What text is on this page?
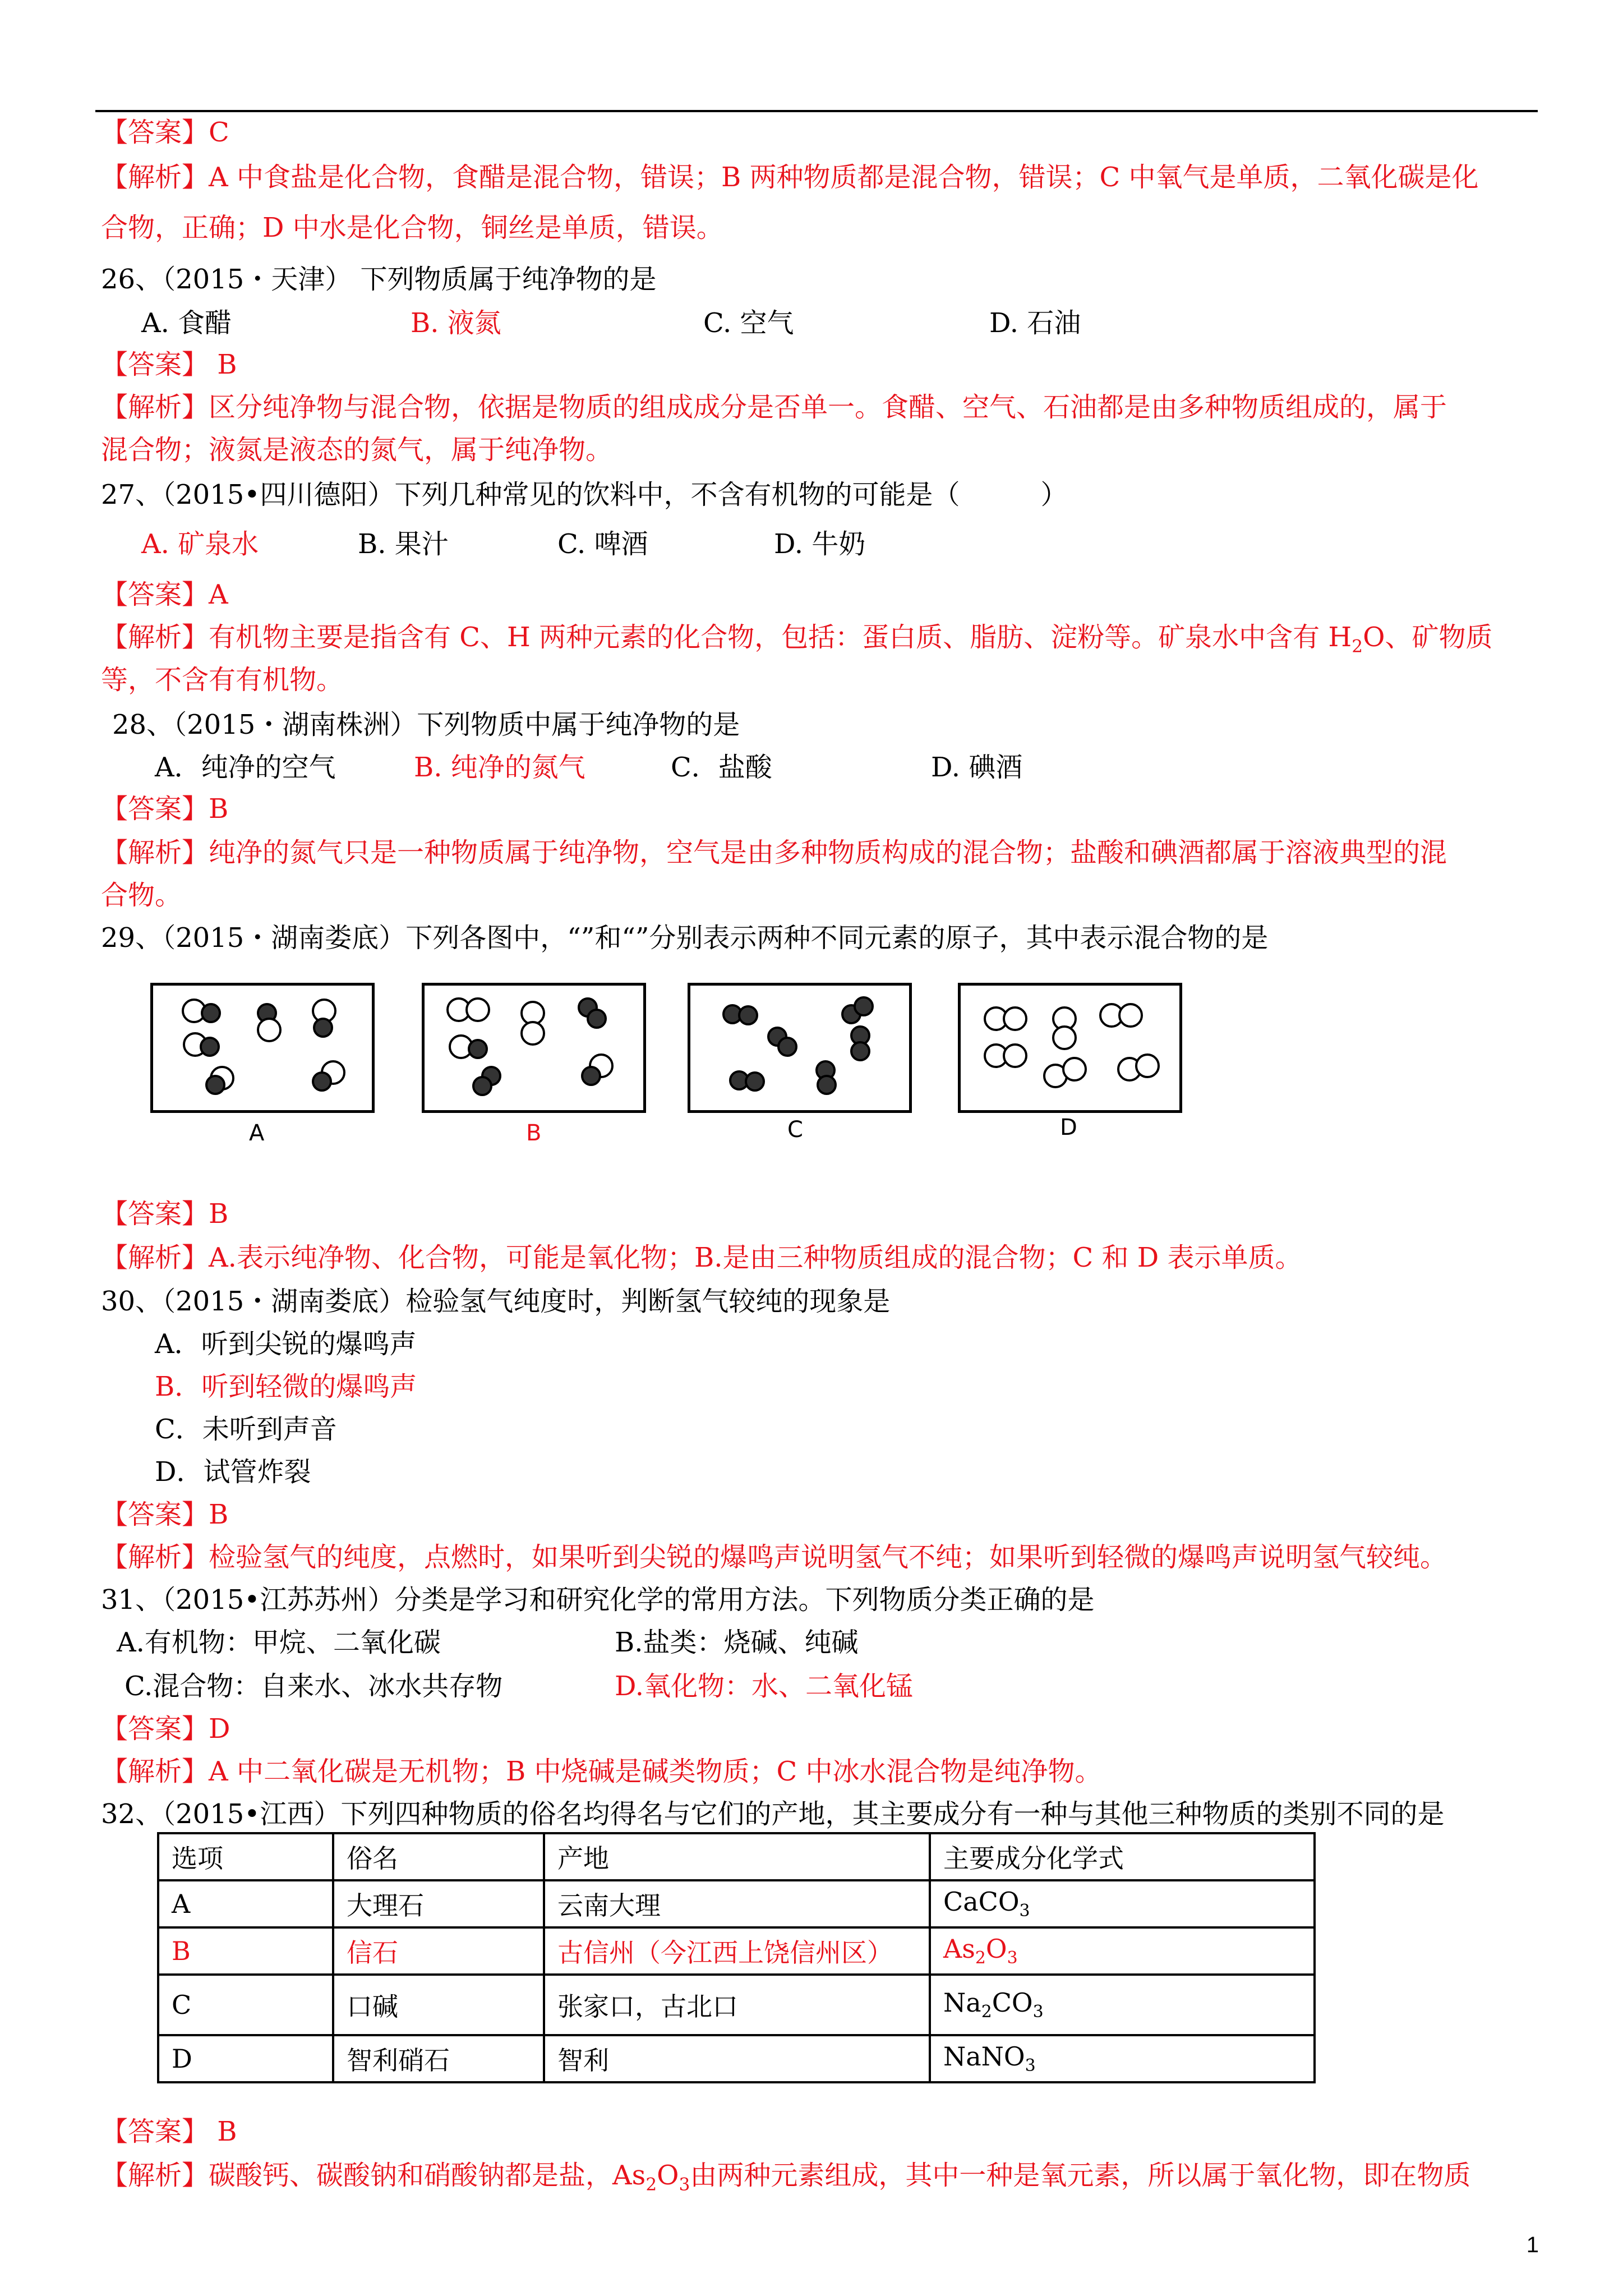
【答案】C
【解析】A 中食盐是化合物，食醋是混合物，错误；B 两种物质都是混合物，错误；C 中氧气是单质，二氧化碳是化
合物，正确；D 中水是化合物，铜丝是单质，错误。
26、（2015・天津） 下列物质属于纯净物的是
A. 食醋	B. 液氮	C. 空气	D. 石油
【答案】 B
【解析】区分纯净物与混合物，依据是物质的组成成分是否单一。食醋、空气、石油都是由多种物质组成的，属于
混合物；液氮是液态的氮气，属于纯净物。
27、（2015•四川德阳）下列几种常见的饮料中，不含有机物的可能是（　　　）
A. 矿泉水	B. 果汁	C. 啤酒	D. 牛奶
【答案】A
【解析】有机物主要是指含有 C、H 两种元素的化合物，包括：蛋白质、脂肪、淀粉等。矿泉水中含有 $H_2O$、矿物质
等，不含有有机物。
28、（2015・湖南株洲）下列物质中属于纯净物的是
A．纯净的空气	B. 纯净的氮气	C．盐酸	D. 碘酒
【答案】B
【解析】纯净的氮气只是一种物质属于纯净物，空气是由多种物质构成的混合物；盐酸和碘酒都属于溶液典型的混
合物。
29、（2015・湖南娄底）下列各图中，“”和“”分别表示两种不同元素的原子，其中表示混合物的是
A	B	C	D
【答案】B
【解析】A.表示纯净物、化合物，可能是氧化物；B.是由三种物质组成的混合物；C 和 D 表示单质。
30、（2015・湖南娄底）检验氢气纯度时，判断氢气较纯的现象是
A．听到尖锐的爆鸣声
B．听到轻微的爆鸣声
C．未听到声音
D．试管炸裂
【答案】B
【解析】检验氢气的纯度，点燃时，如果听到尖锐的爆鸣声说明氢气不纯；如果听到轻微的爆鸣声说明氢气较纯。
31、（2015•江苏苏州）分类是学习和研究化学的常用方法。下列物质分类正确的是
A.有机物：甲烷、二氧化碳	B.盐类：烧碱、纯碱
C.混合物：自来水、冰水共存物	D.氧化物：水、二氧化锰
【答案】D
【解析】A 中二氧化碳是无机物；B 中烧碱是碱类物质；C 中冰水混合物是纯净物。
32、（2015•江西）下列四种物质的俗名均得名与它们的产地，其主要成分有一种与其他三种物质的类别不同的是
选项	俗名	产地	主要成分化学式
A	大理石	云南大理	CaCO$_3$
B	信石	古信州（今江西上饶信州区）	$As_2O_3$
C	口碱	张家口，古北口	$Na_2CO_3$
D	智利硝石	智利	NaNO$_3$
【答案】 B
【解析】碳酸钙、碳酸钠和硝酸钠都是盐，$As_2O_3$由两种元素组成，其中一种是氧元素，所以属于氧化物，即在物质
1
